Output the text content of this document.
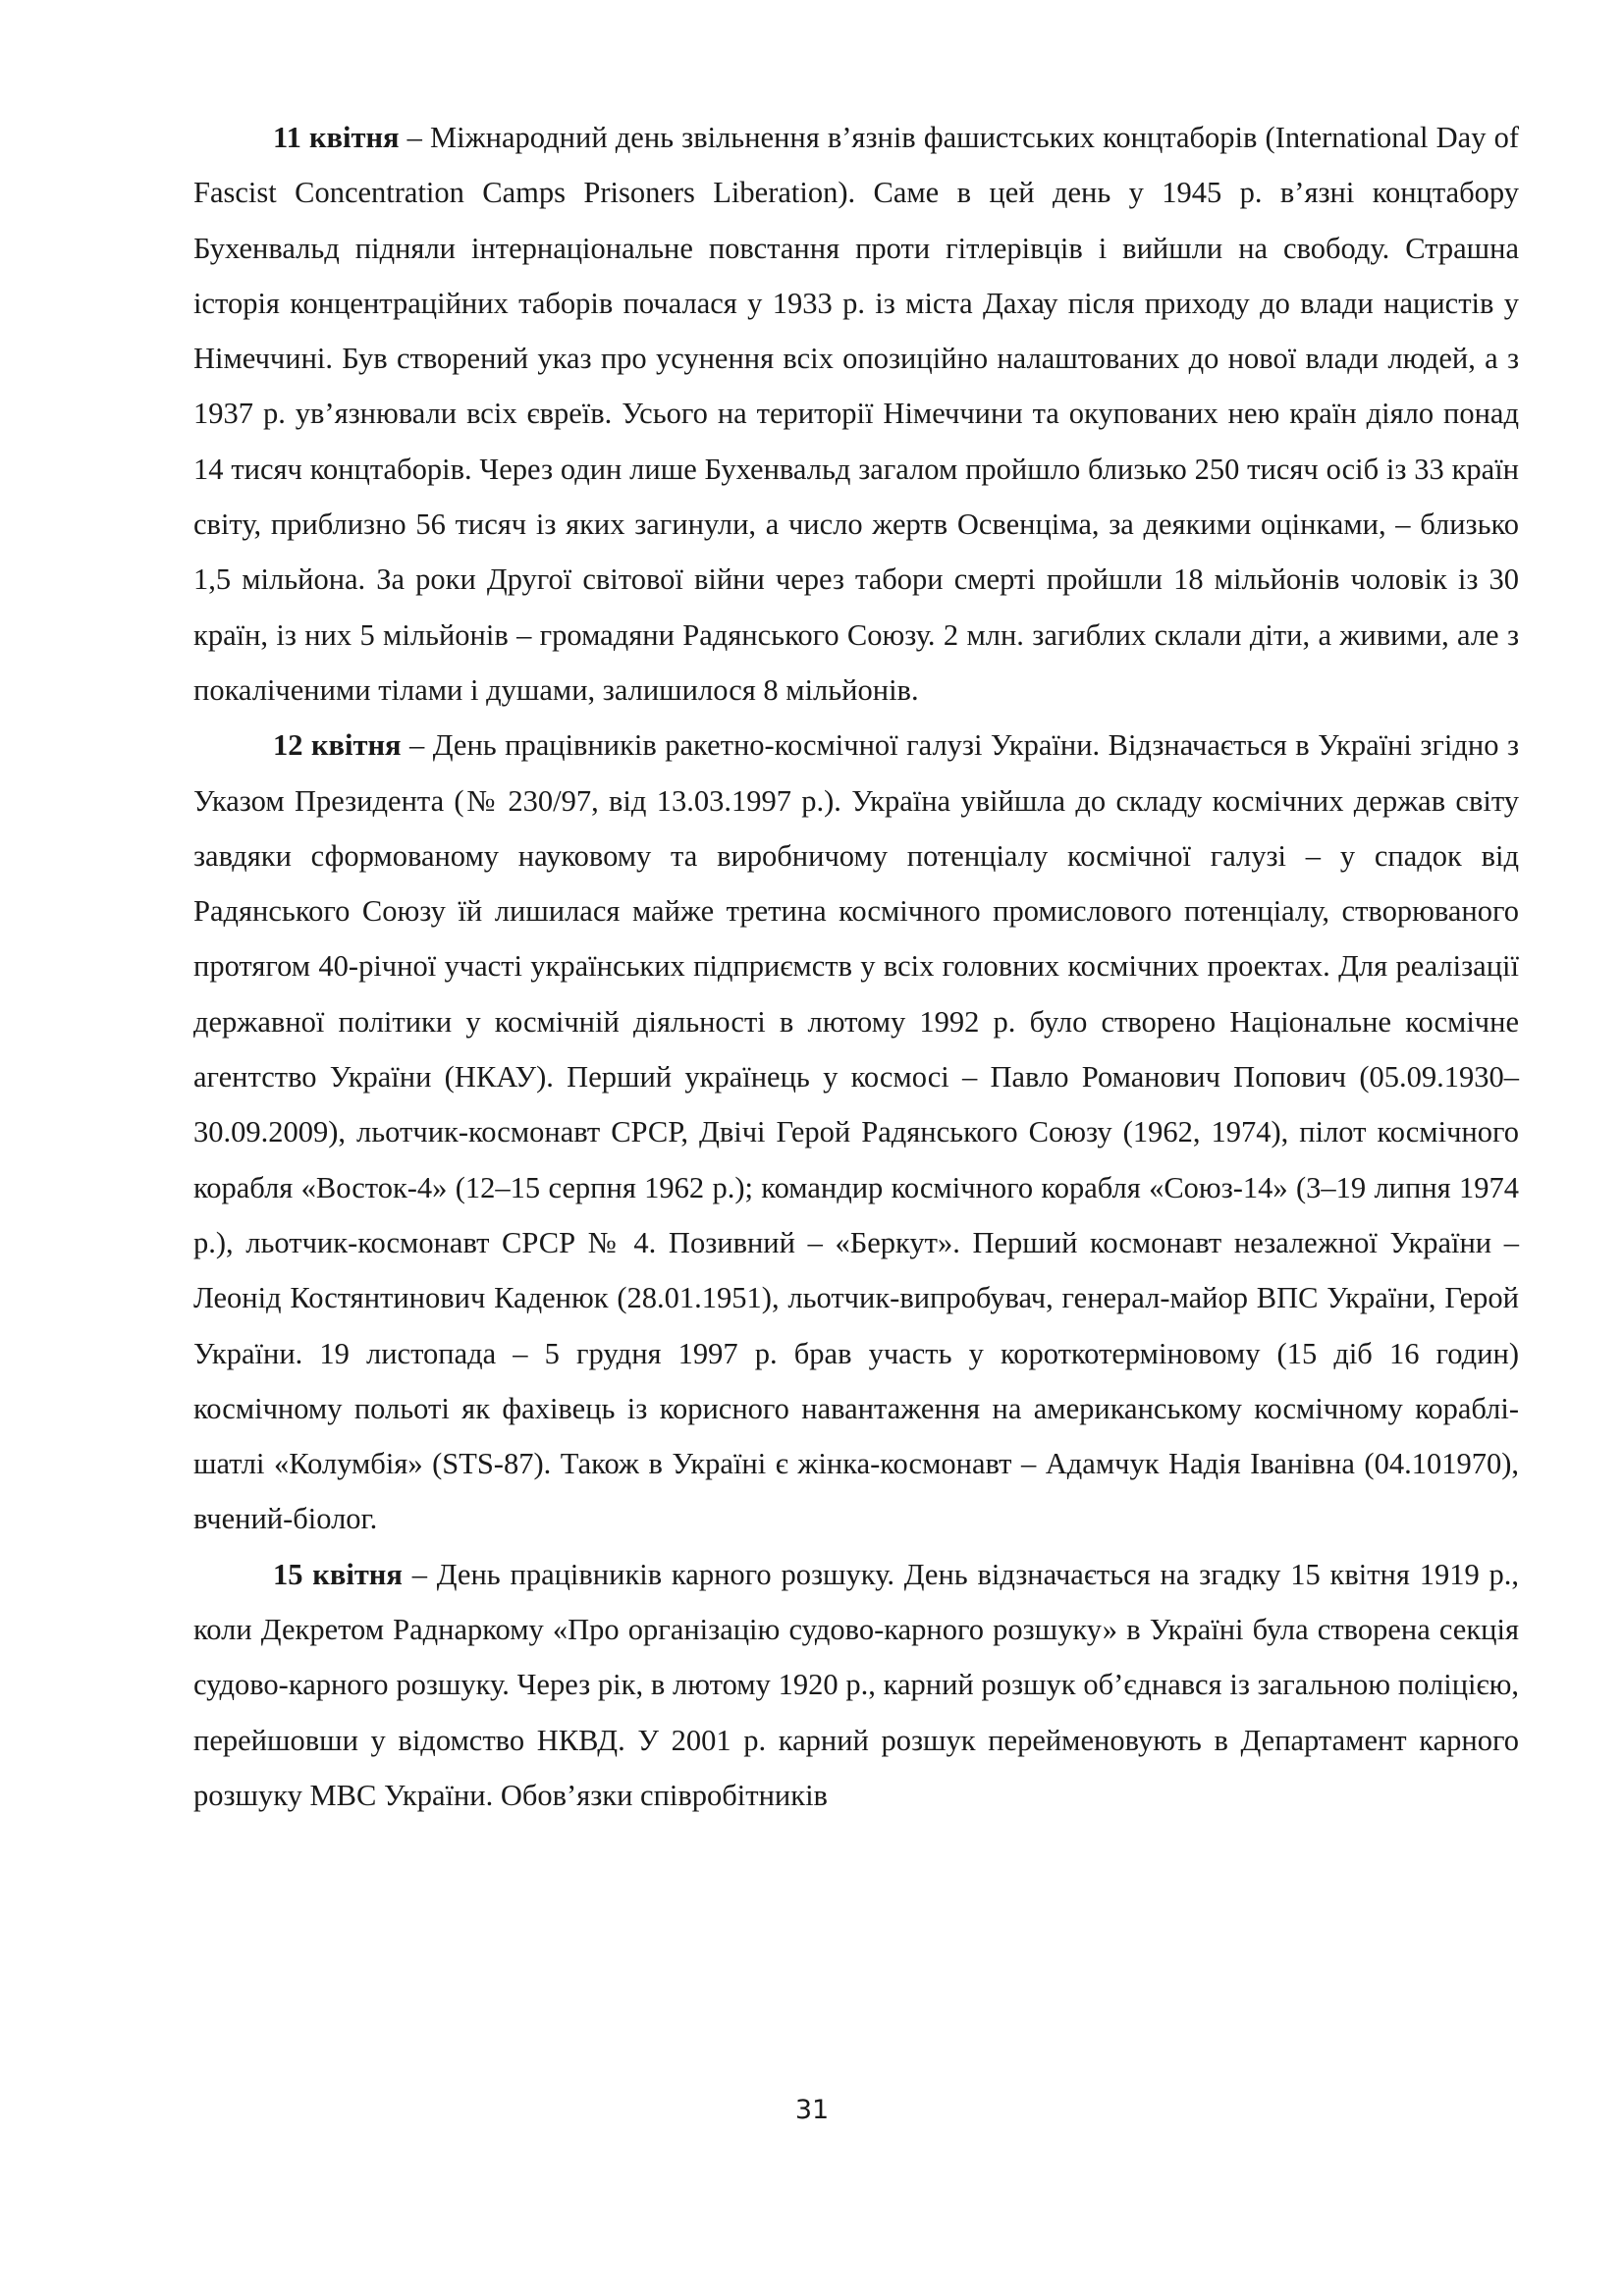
11 квітня – Міжнародний день звільнення в’язнів фашистських концтаборів (International Day of Fascist Concentration Camps Prisoners Liberation). Саме в цей день у 1945 р. в’язні концтабору Бухенвальд підняли інтернаціональне повстання проти гітлерівців і вийшли на свободу. Страшна історія концентраційних таборів почалася у 1933 р. із міста Дахау після приходу до влади нацистів у Німеччині. Був створений указ про усунення всіх опозиційно налаштованих до нової влади людей, а з 1937 р. ув’язнювали всіх євреїв. Усього на території Німеччини та окупованих нею країн діяло понад 14 тисяч концтаборів. Через один лише Бухенвальд загалом пройшло близько 250 тисяч осіб із 33 країн світу, приблизно 56 тисяч із яких загинули, а число жертв Освенціма, за деякими оцінками, – близько 1,5 мільйона. За роки Другої світової війни через табори смерті пройшли 18 мільйонів чоловік із 30 країн, із них 5 мільйонів – громадяни Радянського Союзу. 2 млн. загиблих склали діти, а живими, але з покаліченими тілами і душами, залишилося 8 мільйонів.

12 квітня – День працівників ракетно-космічної галузі України. Відзначається в Україні згідно з Указом Президента (№ 230/97, від 13.03.1997 р.). Україна увійшла до складу космічних держав світу завдяки сформованому науковому та виробничому потенціалу космічної галузі – у спадок від Радянського Союзу їй лишилася майже третина космічного промислового потенціалу, створюваного протягом 40-річної участі українських підприємств у всіх головних космічних проектах. Для реалізації державної політики у космічній діяльності в лютому 1992 р. було створено Національне космічне агентство України (НКАУ). Перший українець у космосі – Павло Романович Попович (05.09.1930–30.09.2009), льотчик-космонавт СРСР, Двічі Герой Радянського Союзу (1962, 1974), пілот космічного корабля «Восток-4» (12–15 серпня 1962 р.); командир космічного корабля «Союз-14» (3–19 липня 1974 р.), льотчик-космонавт СРСР № 4. Позивний – «Беркут». Перший космонавт незалежної України – Леонід Костянтинович Каденюк (28.01.1951), льотчик-випробувач, генерал-майор ВПС України, Герой України. 19 листопада – 5 грудня 1997 р. брав участь у короткотерміновому (15 діб 16 годин) космічному польоті як фахівець із корисного навантаження на американському космічному кораблі-шатлі «Колумбія» (STS-87). Також в Україні є жінка-космонавт – Адамчук Надія Іванівна (04.101970), вчений-біолог.

15 квітня – День працівників карного розшуку. День відзначається на згадку 15 квітня 1919 р., коли Декретом Раднаркому «Про організацію судово-карного розшуку» в Україні була створена секція судово-карного розшуку. Через рік, в лютому 1920 р., карний розшук об’єднався із загальною поліцією, перейшовши у відомство НКВД. У 2001 р. карний розшук перейменовують в Департамент карного розшуку МВС України. Обов’язки співробітників

31
